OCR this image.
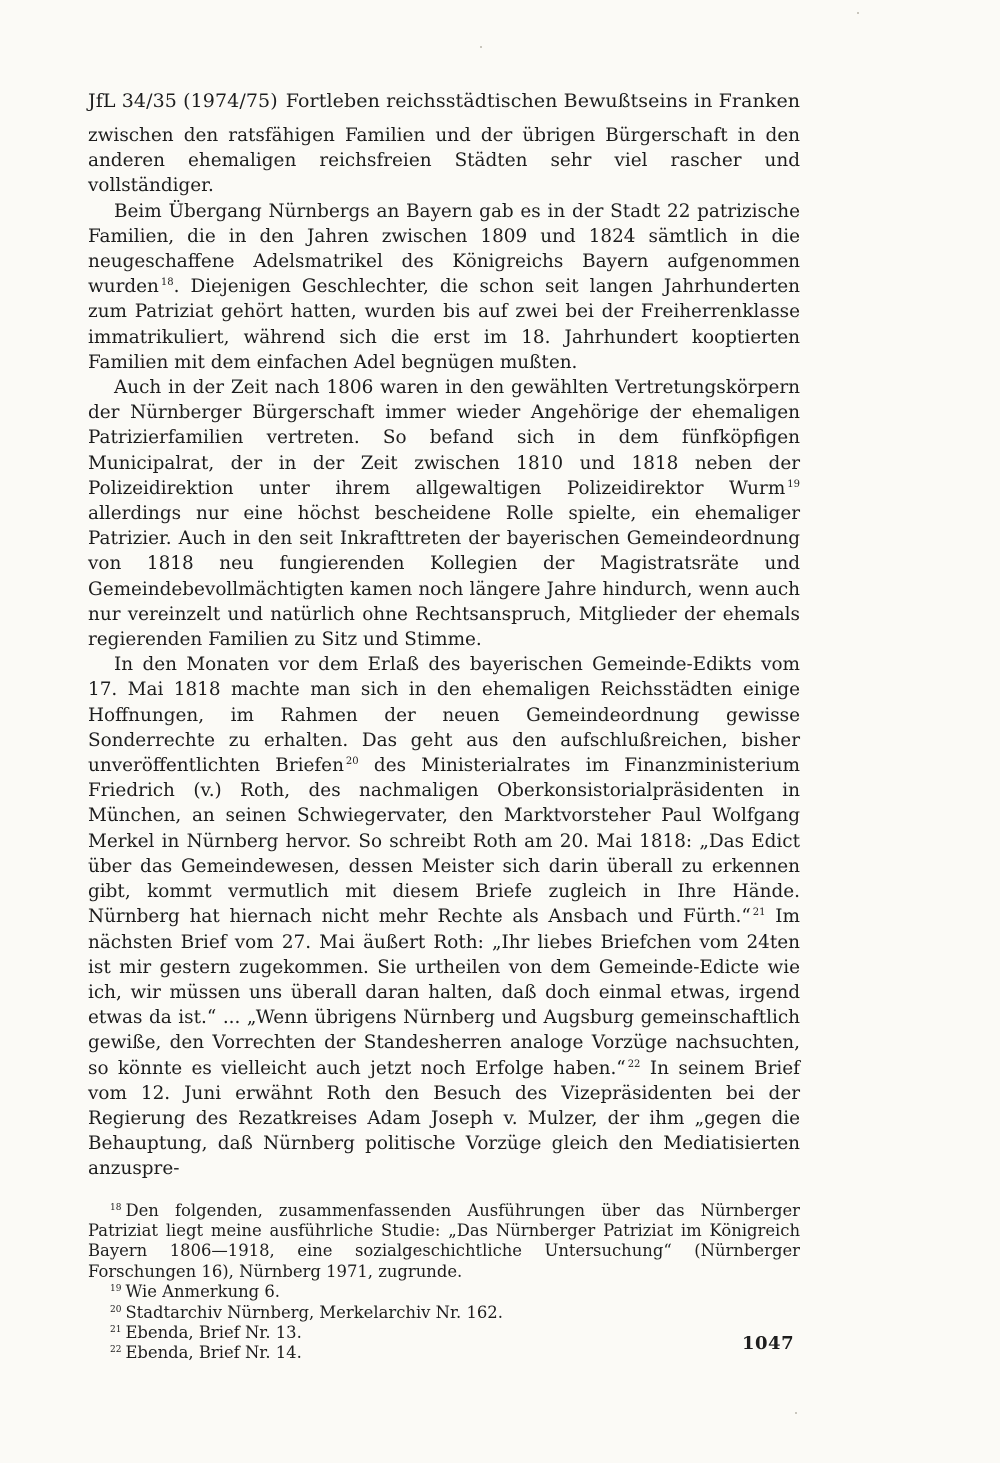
JfL 34/35 (1974/75) Fortleben reichsstädtischen Bewußtseins in Franken

zwischen den ratsfähigen Familien und der übrigen Bürgerschaft in den anderen ehemaligen reichsfreien Städten sehr viel rascher und vollständiger.

Beim Übergang Nürnbergs an Bayern gab es in der Stadt 22 patrizische Familien, die in den Jahren zwischen 1809 und 1824 sämtlich in die neugeschaffene Adelsmatrikel des Königreichs Bayern aufgenommen wurden $^{18}$. Diejenigen Geschlechter, die schon seit langen Jahrhunderten zum Patriziat gehört hatten, wurden bis auf zwei bei der Freiherrenklasse immatrikuliert, während sich die erst im 18. Jahrhundert kooptierten Familien mit dem einfachen Adel begnügen mußten.

Auch in der Zeit nach 1806 waren in den gewählten Vertretungskörpern der Nürnberger Bürgerschaft immer wieder Angehörige der ehemaligen Patrizierfamilien vertreten. So befand sich in dem fünfköpfigen Municipalrat, der in der Zeit zwischen 1810 und 1818 neben der Polizeidirektion unter ihrem allgewaltigen Polizeidirektor Wurm $^{19}$ allerdings nur eine höchst bescheidene Rolle spielte, ein ehemaliger Patrizier. Auch in den seit Inkrafttreten der bayerischen Gemeindeordnung von 1818 neu fungierenden Kollegien der Magistratsräte und Gemeindebevollmächtigten kamen noch längere Jahre hindurch, wenn auch nur vereinzelt und natürlich ohne Rechtsanspruch, Mitglieder der ehemals regierenden Familien zu Sitz und Stimme.

In den Monaten vor dem Erlaß des bayerischen Gemeinde-Edikts vom 17. Mai 1818 machte man sich in den ehemaligen Reichsstädten einige Hoffnungen, im Rahmen der neuen Gemeindeordnung gewisse Sonderrechte zu erhalten. Das geht aus den aufschlußreichen, bisher unveröffentlichten Briefen $^{20}$ des Ministerialrates im Finanzministerium Friedrich (v.) Roth, des nachmaligen Oberkonsistorialpräsidenten in München, an seinen Schwiegervater, den Marktvorsteher Paul Wolfgang Merkel in Nürnberg hervor. So schreibt Roth am 20. Mai 1818: „Das Edict über das Gemeindewesen, dessen Meister sich darin überall zu erkennen gibt, kommt vermutlich mit diesem Briefe zugleich in Ihre Hände. Nürnberg hat hiernach nicht mehr Rechte als Ansbach und Fürth.“ $^{21}$ Im nächsten Brief vom 27. Mai äußert Roth: „Ihr liebes Briefchen vom 24ten ist mir gestern zugekommen. Sie urtheilen von dem Gemeinde-Edicte wie ich, wir müssen uns überall daran halten, daß doch einmal etwas, irgend etwas da ist.“ ... „Wenn übrigens Nürnberg und Augsburg gemeinschaftlich gewiße, den Vorrechten der Standesherren analoge Vorzüge nachsuchten, so könnte es vielleicht auch jetzt noch Erfolge haben.“ $^{22}$ In seinem Brief vom 12. Juni erwähnt Roth den Besuch des Vizepräsidenten bei der Regierung des Rezatkreises Adam Joseph v. Mulzer, der ihm „gegen die Behauptung, daß Nürnberg politische Vorzüge gleich den Mediatisierten anzuspre-

$^{18}$ Den folgenden, zusammenfassenden Ausführungen über das Nürnberger Patriziat liegt meine ausführliche Studie: „Das Nürnberger Patriziat im Königreich Bayern 1806—1918, eine sozialgeschichtliche Untersuchung“ (Nürnberger Forschungen 16), Nürnberg 1971, zugrunde.

$^{19}$ Wie Anmerkung 6.

$^{20}$ Stadtarchiv Nürnberg, Merkelarchiv Nr. 162.

$^{21}$ Ebenda, Brief Nr. 13.

$^{22}$ Ebenda, Brief Nr. 14.	1047
